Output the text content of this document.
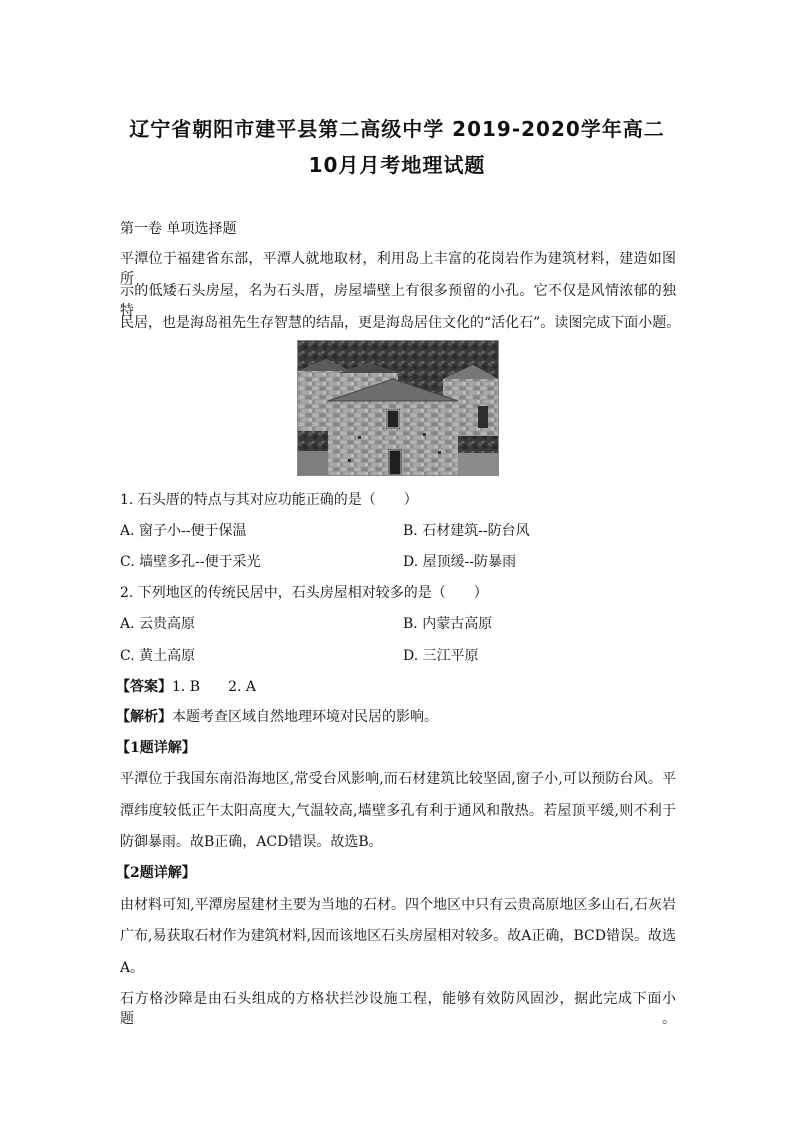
辽宁省朝阳市建平县第二高级中学 2019-2020学年高二
10月月考地理试题
第一卷 单项选择题
平潭位于福建省东部，平潭人就地取材，利用岛上丰富的花岗岩作为建筑材料，建造如图所
示的低矮石头房屋，名为石头厝，房屋墙壁上有很多预留的小孔。它不仅是风情浓郁的独特
民居，也是海岛祖先生存智慧的结晶，更是海岛居住文化的“活化石”。读图完成下面小题。
1. 石头厝的特点与其对应功能正确的是（　　）
A. 窗子小--便于保温	B. 石材建筑--防台风
C. 墙壁多孔--便于采光	D. 屋顶缓--防暴雨
2. 下列地区的传统民居中，石头房屋相对较多的是（　　）
A. 云贵高原	B. 内蒙古高原
C. 黄土高原	D. 三江平原
【答案】1. B　　2. A
【解析】本题考查区域自然地理环境对民居的影响。
【1题详解】
平潭位于我国东南沿海地区,常受台风影响,而石材建筑比较坚固,窗子小,可以预防台风。平
潭纬度较低正午太阳高度大,气温较高,墙壁多孔有利于通风和散热。若屋顶平缓,则不利于
防御暴雨。故B正确，ACD错误。故选B。
【2题详解】
由材料可知,平潭房屋建材主要为当地的石材。四个地区中只有云贵高原地区多山石,石灰岩
广布,易获取石材作为建筑材料,因而该地区石头房屋相对较多。故A正确，BCD错误。故选
A。
石方格沙障是由石头组成的方格状拦沙设施工程，能够有效防风固沙，据此完成下面小题。
